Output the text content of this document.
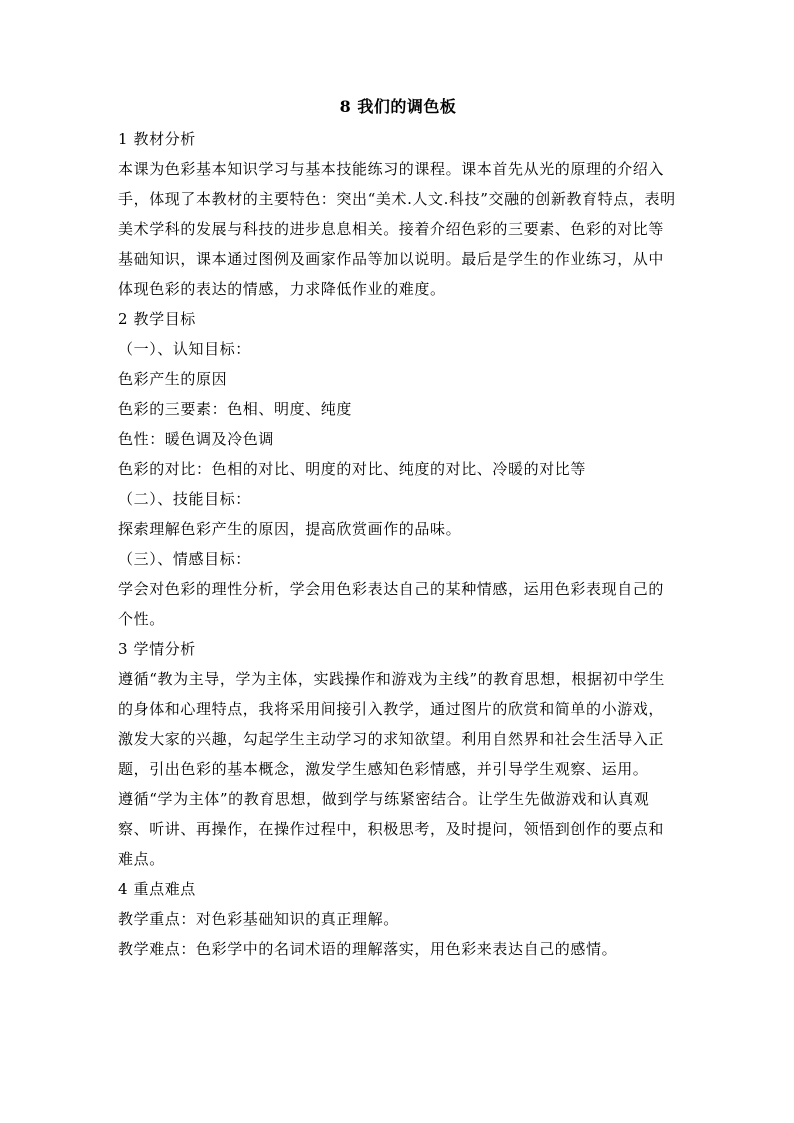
8 我们的调色板
1 教材分析
本课为色彩基本知识学习与基本技能练习的课程。课本首先从光的原理的介绍入手，体现了本教材的主要特色：突出“美术.人文.科技”交融的创新教育特点，表明美术学科的发展与科技的进步息息相关。接着介绍色彩的三要素、色彩的对比等基础知识，课本通过图例及画家作品等加以说明。最后是学生的作业练习，从中体现色彩的表达的情感，力求降低作业的难度。
2 教学目标
（一）、认知目标：
色彩产生的原因
色彩的三要素：色相、明度、纯度
色性：暖色调及冷色调
色彩的对比：色相的对比、明度的对比、纯度的对比、冷暖的对比等
（二）、技能目标：
探索理解色彩产生的原因，提高欣赏画作的品味。
（三）、情感目标：
学会对色彩的理性分析，学会用色彩表达自己的某种情感，运用色彩表现自己的个性。
3 学情分析
遵循“教为主导，学为主体，实践操作和游戏为主线”的教育思想，根据初中学生的身体和心理特点，我将采用间接引入教学，通过图片的欣赏和简单的小游戏，激发大家的兴趣，勾起学生主动学习的求知欲望。利用自然界和社会生活导入正题，引出色彩的基本概念，激发学生感知色彩情感，并引导学生观察、运用。
遵循“学为主体”的教育思想，做到学与练紧密结合。让学生先做游戏和认真观察、听讲、再操作，在操作过程中，积极思考，及时提问，领悟到创作的要点和难点。
4 重点难点
教学重点：对色彩基础知识的真正理解。
教学难点：色彩学中的名词术语的理解落实，用色彩来表达自己的感情。
